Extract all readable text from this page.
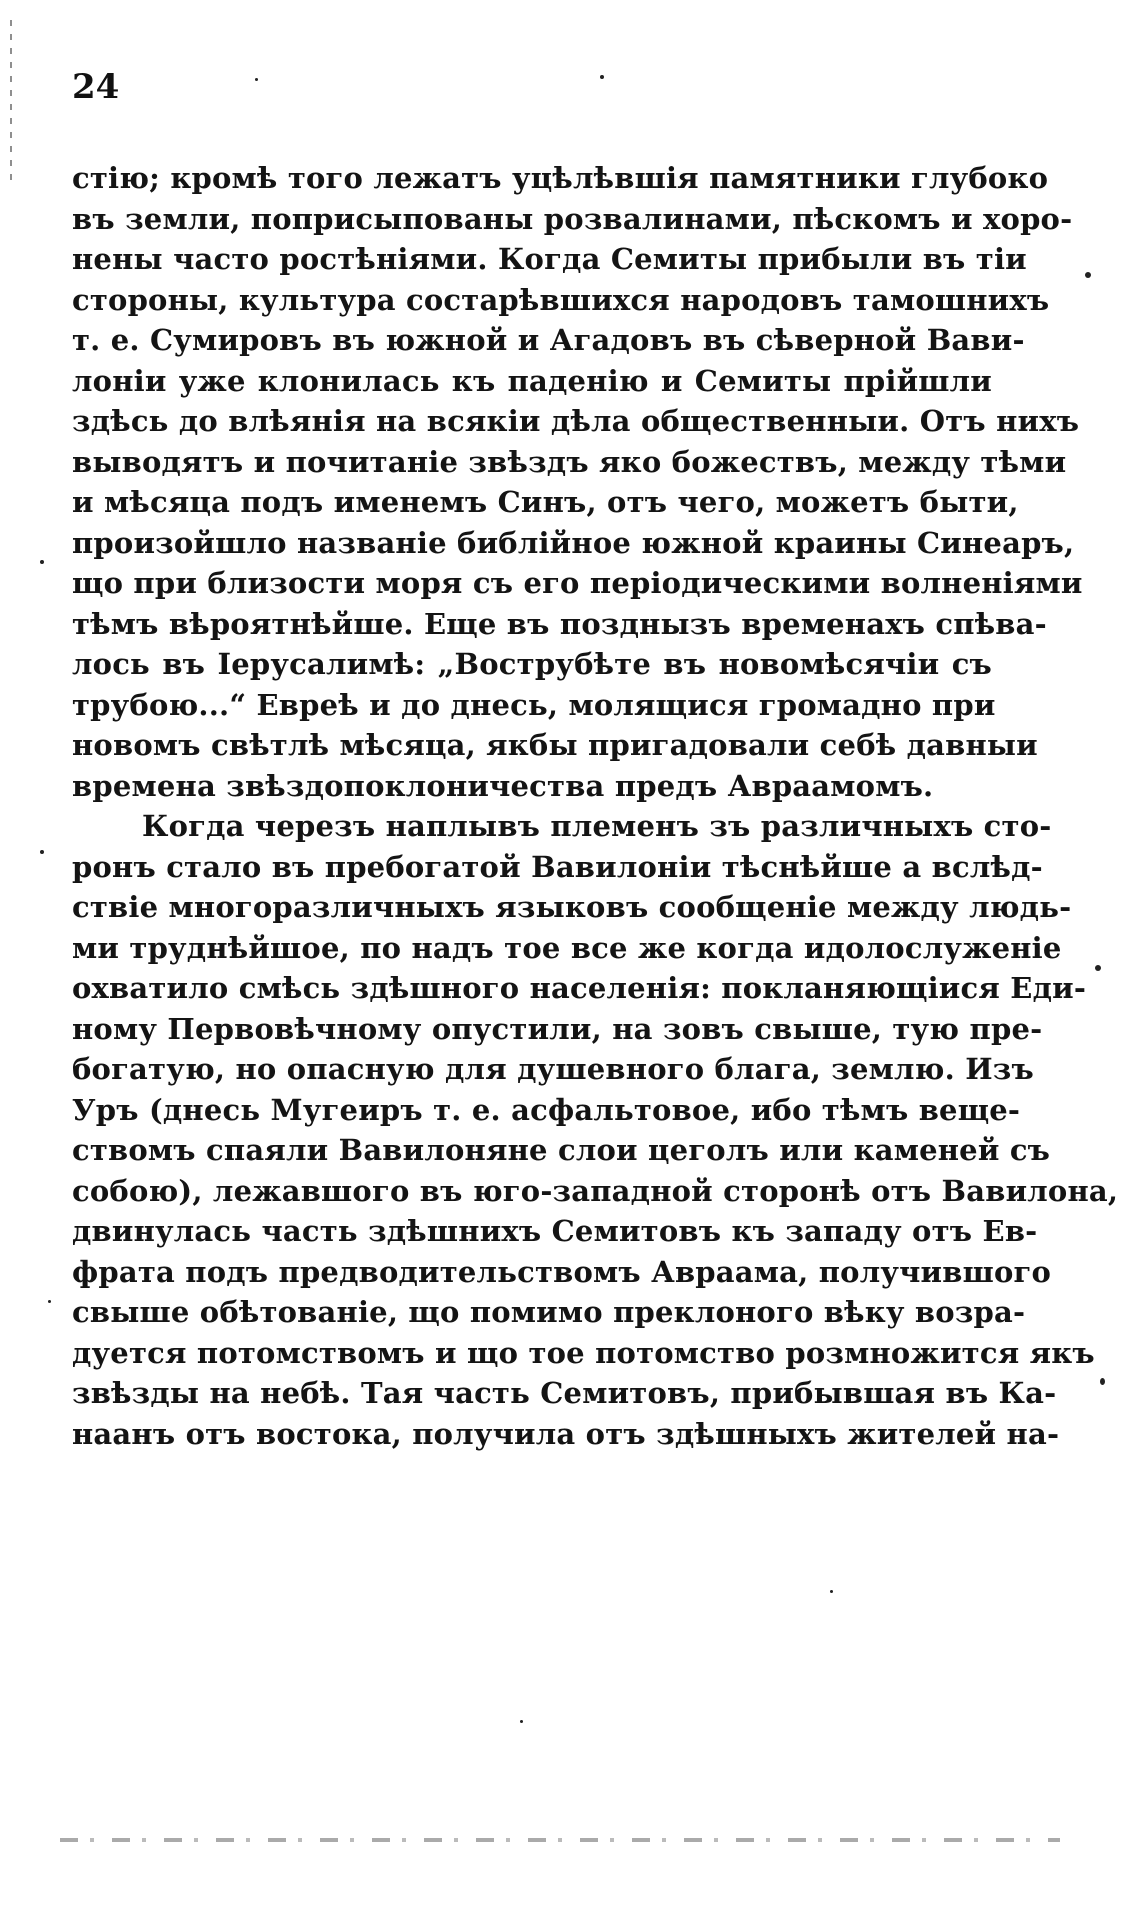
24
стію; кромѣ того лежатъ уцѣлѣвшія памятники глубоко
въ земли, поприсыпованы розвалинами, пѣскомъ и хоро-
нены часто ростѣніями. Когда Семиты прибыли въ тіи
стороны, культура состарѣвшихся народовъ тамошнихъ
т. е. Сумировъ въ южной и Агадовъ въ сѣверной Вави-
лоніи уже клонилась къ паденію и Семиты прійшли
здѣсь до влѣянія на всякіи дѣла общественныи. Отъ нихъ
выводятъ и почитаніе звѣздъ яко божествъ, между тѣми
и мѣсяца подъ именемъ Синъ, отъ чего, можетъ быти,
произойшло названіе библійное южной краины Синеаръ,
що при близости моря съ его періодическими волненіями
тѣмъ вѣроятнѣйше. Еще въ позднызъ временахъ спѣва-
лось въ Іерусалимѣ: „Вострубѣте въ новомѣсячіи съ
трубою...“ Евреѣ и до днесь, молящися громадно при
новомъ свѣтлѣ мѣсяца, якбы пригадовали себѣ давныи
времена звѣздопоклоничества предъ Авраамомъ.
Когда черезъ наплывъ племенъ зъ различныхъ сто-
ронъ стало въ пребогатой Вавилоніи тѣснѣйше а вслѣд-
ствіе многоразличныхъ языковъ сообщеніе между людь-
ми труднѣйшое, по надъ тое все же когда идолослуженіе
охватило смѣсь здѣшного населенія: покланяющіися Еди-
ному Первовѣчному опустили, на зовъ свыше, тую пре-
богатую, но опасную для душевного блага, землю. Изъ
Уръ (днесь Мугеиръ т. е. асфальтовое, ибо тѣмъ веще-
ствомъ спаяли Вавилоняне слои цеголъ или каменей съ
собою), лежавшого въ юго-западной сторонѣ отъ Вавилона,
двинулась часть здѣшнихъ Семитовъ къ западу отъ Ев-
фрата подъ предводительствомъ Авраама, получившого
свыше обѣтованіе, що помимо преклоного вѣку возра-
дуется потомствомъ и що тое потомство розмножится якъ
звѣзды на небѣ. Тая часть Семитовъ, прибывшая въ Ка-
наанъ отъ востока, получила отъ здѣшныхъ жителей на-
